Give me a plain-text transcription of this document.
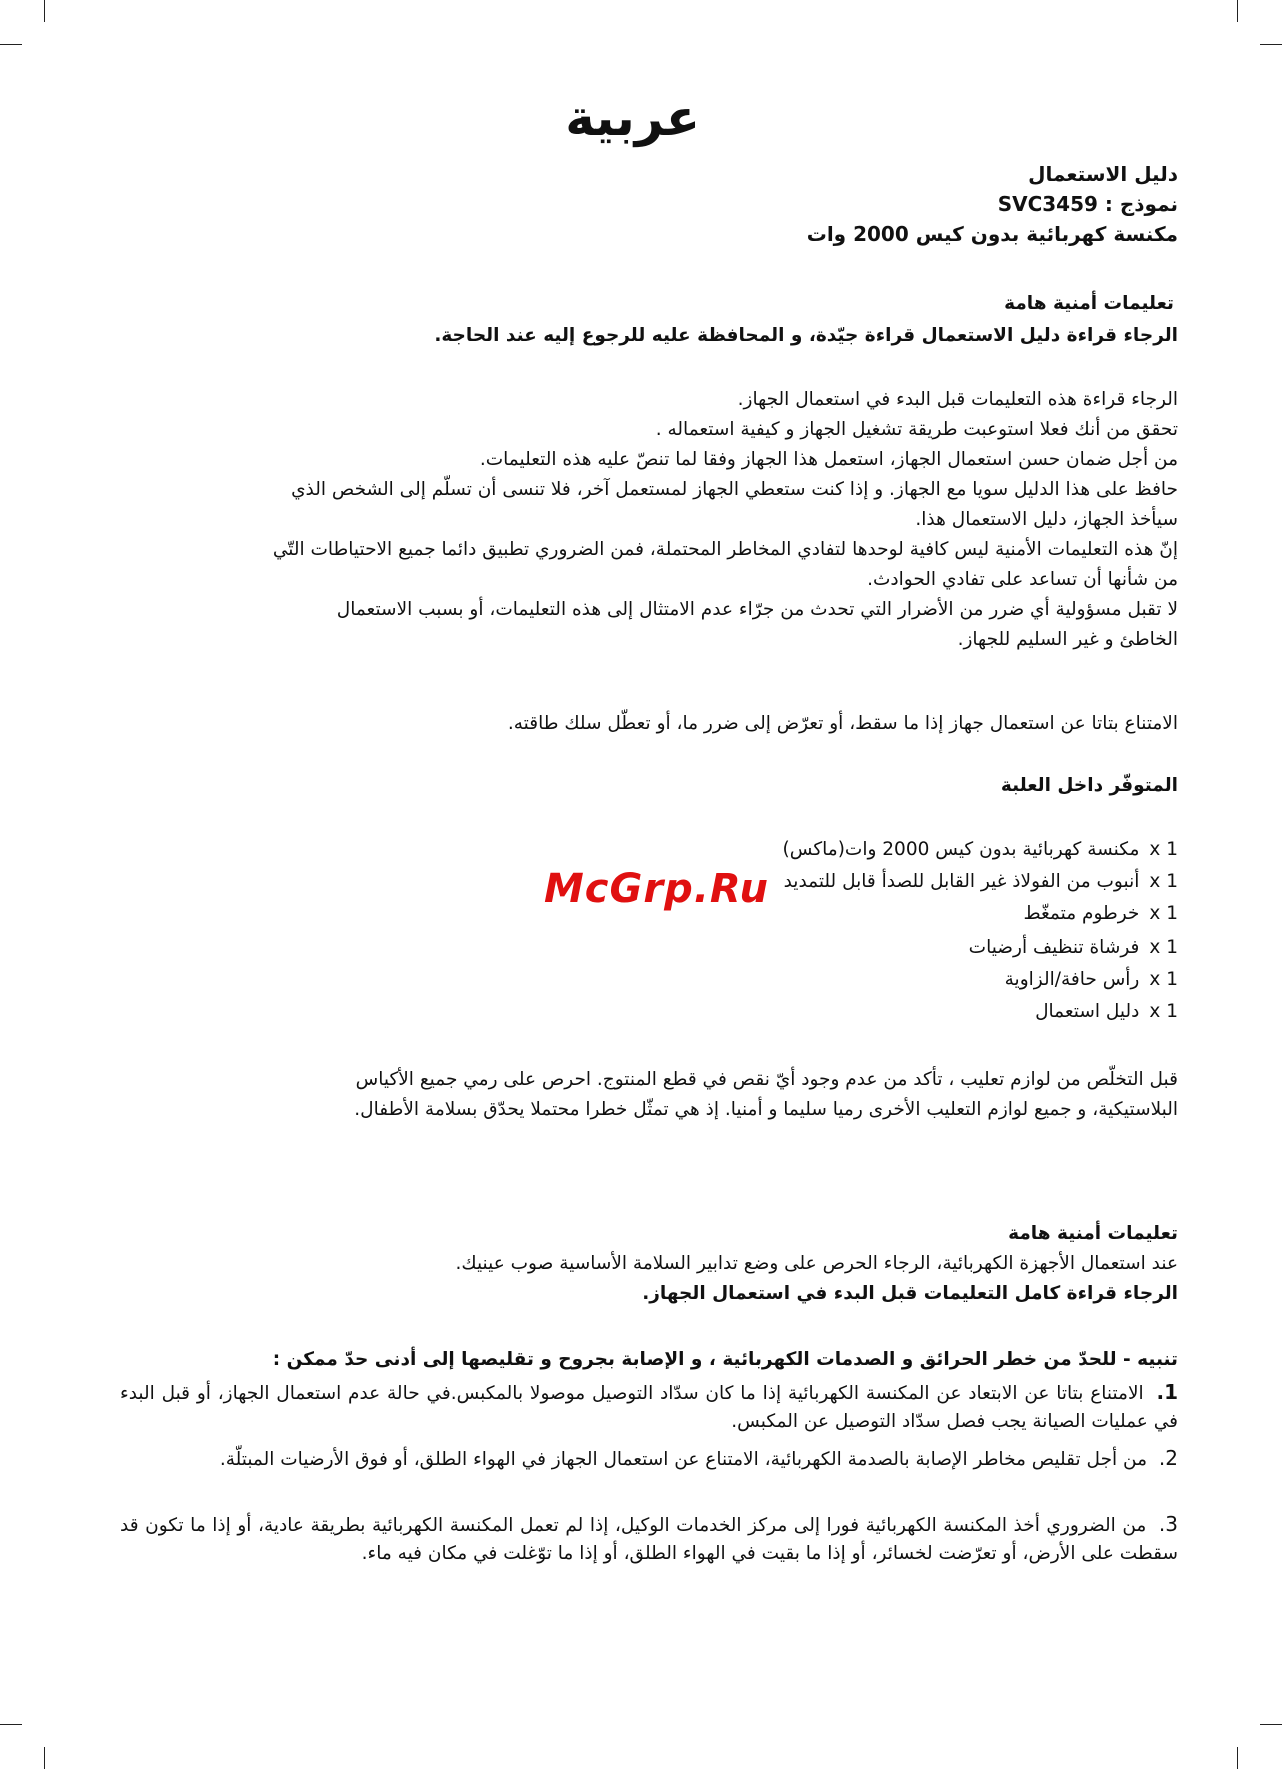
عربية
دليل الاستعمال
نموذج : SVC3459
مكنسة كهربائية بدون كيس 2000 وات
تعليمات أمنية هامة
الرجاء قراءة دليل الاستعمال قراءة جيّدة، و المحافظة عليه للرجوع إليه عند الحاجة.
الرجاء قراءة هذه التعليمات قبل البدء في استعمال الجهاز.
تحقق من أنك فعلا استوعبت طريقة تشغيل الجهاز و كيفية استعماله .
من أجل ضمان حسن استعمال الجهاز، استعمل هذا الجهاز وفقا لما تنصّ عليه هذه التعليمات.
حافظ على هذا الدليل سويا مع الجهاز. و إذا كنت ستعطي الجهاز لمستعمل آخر، فلا تنسى أن تسلّم إلى الشخص الذي
سيأخذ الجهاز، دليل الاستعمال هذا.
إنّ هذه التعليمات الأمنية ليس كافية لوحدها لتفادي المخاطر المحتملة، فمن الضروري تطبيق دائما جميع الاحتياطات التّي
من شأنها أن تساعد على تفادي الحوادث.
لا تقبل مسؤولية أي ضرر من الأضرار التي تحدث من جرّاء عدم الامتثال إلى هذه التعليمات، أو بسبب الاستعمال
الخاطئ و غير السليم للجهاز.
الامتناع بتاتا عن استعمال جهاز إذا ما سقط، أو تعرّض إلى ضرر ما، أو تعطّل سلك طاقته.
المتوفّر داخل العلبة
1 xمكنسة كهربائية بدون كيس 2000 وات(ماكس)
1 xأنبوب من الفولاذ غير القابل للصدأ قابل للتمديد
1 xخرطوم متمغّط
1 xفرشاة تنظيف أرضيات
1 xرأس حافة/الزاوية
1 xدليل استعمال
McGrp.Ru
قبل التخلّص من لوازم تعليب ، تأكد من عدم وجود أيّ نقص في قطع المنتوج. احرص على رمي جميع الأكياس
البلاستيكية، و جميع لوازم التعليب الأخرى رميا سليما و أمنيا. إذ هي تمثّل خطرا محتملا يحدّق بسلامة الأطفال.
تعليمات أمنية هامة
عند استعمال الأجهزة الكهربائية، الرجاء الحرص على وضع تدابير السلامة الأساسية صوب عينيك.
الرجاء قراءة كامل التعليمات قبل البدء في استعمال الجهاز.
تنبيه - للحدّ من خطر الحرائق و الصدمات الكهربائية ، و الإصابة بجروح و تقليصها إلى أدنى حدّ ممكن :
1. الامتناع بتاتا عن الابتعاد عن المكنسة الكهربائية إذا ما كان سدّاد التوصيل موصولا بالمكبس.في حالة عدم استعمال الجهاز، أو قبل البدء في عمليات الصيانة يجب فصل سدّاد التوصيل عن المكبس.
2. من أجل تقليص مخاطر الإصابة بالصدمة الكهربائية، الامتناع عن استعمال الجهاز في الهواء الطلق، أو فوق الأرضيات المبتلّة.
3. من الضروري أخذ المكنسة الكهربائية فورا إلى مركز الخدمات الوكيل، إذا لم تعمل المكنسة الكهربائية بطريقة عادية، أو إذا ما تكون قد سقطت على الأرض، أو تعرّضت لخسائر، أو إذا ما بقيت في الهواء الطلق، أو إذا ما توّغلت في مكان فيه ماء.
